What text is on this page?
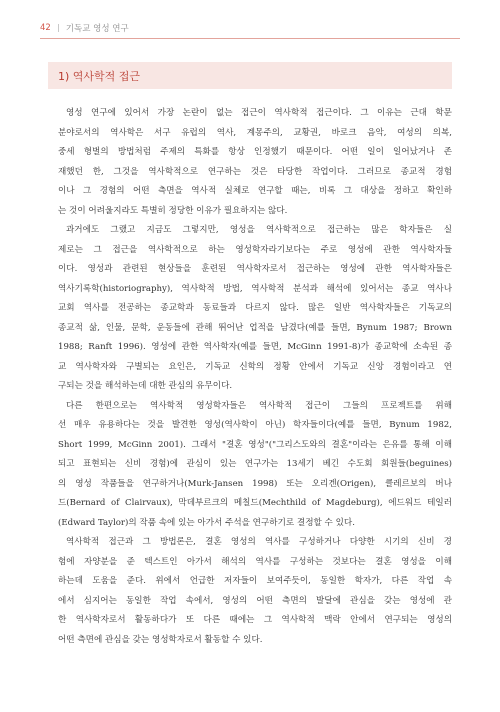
42 기독교 영성 연구
1) 역사학적 접근

영성 연구에 있어서 가장 논란이 없는 접근이 역사학적 접근이다. 그 이유는 근대 학문
분야로서의 역사학은 서구 유럽의 역사, 계몽주의, 교황권, 바로크 음악, 여성의 의복,
중세 형벌의 방법처럼 주제의 특화를 항상 인정했기 때문이다. 어떤 일이 일어났거나 존
재했던 한, 그것을 역사학적으로 연구하는 것은 타당한 작업이다. 그러므로 종교적 경험
이나 그 경험의 어떤 측면을 역사적 실체로 연구할 때는, 비록 그 대상을 정하고 확인하
는 것이 어려울지라도 특별히 정당한 이유가 필요하지는 않다.

과거에도 그랬고 지금도 그렇지만, 영성을 역사학적으로 접근하는 많은 학자들은 실
제로는 그 접근을 역사학적으로 하는 영성학자라기보다는 주로 영성에 관한 역사학자들
이다. 영성과 관련된 현상들을 훈련된 역사학자로서 접근하는 영성에 관한 역사학자들은
역사기록학(historiography), 역사학적 방법, 역사학적 분석과 해석에 있어서는 종교 역사나
교회 역사를 전공하는 종교학과 동료들과 다르지 않다. 많은 일반 역사학자들은 기독교의
종교적 삶, 인물, 문학, 운동들에 관해 뛰어난 업적을 남겼다(예를 들면, Bynum 1987; Brown
1988; Ranft 1996). 영성에 관한 역사학자(예를 들면, McGinn 1991-8)가 종교학에 소속된 종
교 역사학자와 구별되는 요인은, 기독교 신학의 정황 안에서 기독교 신앙 경험이라고 연
구되는 것을 해석하는데 대한 관심의 유무이다.

다른 한편으로는 역사학적 영성학자들은 역사학적 접근이 그들의 프로젝트를 위해
선 매우 유용하다는 것을 발견한 영성(역사학이 아닌) 학자들이다(예를 들면, Bynum 1982,
Short 1999, McGinn 2001). 그래서 "결혼 영성"("그리스도와의 결혼"이라는 은유를 통해 이해
되고 표현되는 신비 경험)에 관심이 있는 연구가는 13세기 베긴 수도회 회원들(beguines)
의 영성 작품들을 연구하거나(Murk-Jansen 1998) 또는 오리겐(Origen), 클레르보의 버나
드(Bernard of Clairvaux), 막데부르크의 메칠드(Mechthild of Magdeburg), 에드워드 테일러
(Edward Taylor)의 작품 속에 있는 아가서 주석을 연구하기로 결정할 수 있다.

역사학적 접근과 그 방법론은, 결혼 영성의 역사를 구성하거나 다양한 시기의 신비 경
험에 자양분을 준 텍스트인 아가서 해석의 역사를 구성하는 것보다는 결혼 영성을 이해
하는데 도움을 준다. 위에서 언급한 저자들이 보여주듯이, 동일한 학자가, 다른 작업 속
에서 심지어는 동일한 작업 속에서, 영성의 어떤 측면의 발달에 관심을 갖는 영성에 관
한 역사학자로서 활동하다가 또 다른 때에는 그 역사학적 맥락 안에서 연구되는 영성의
어떤 측면에 관심을 갖는 영성학자로서 활동할 수 있다.
